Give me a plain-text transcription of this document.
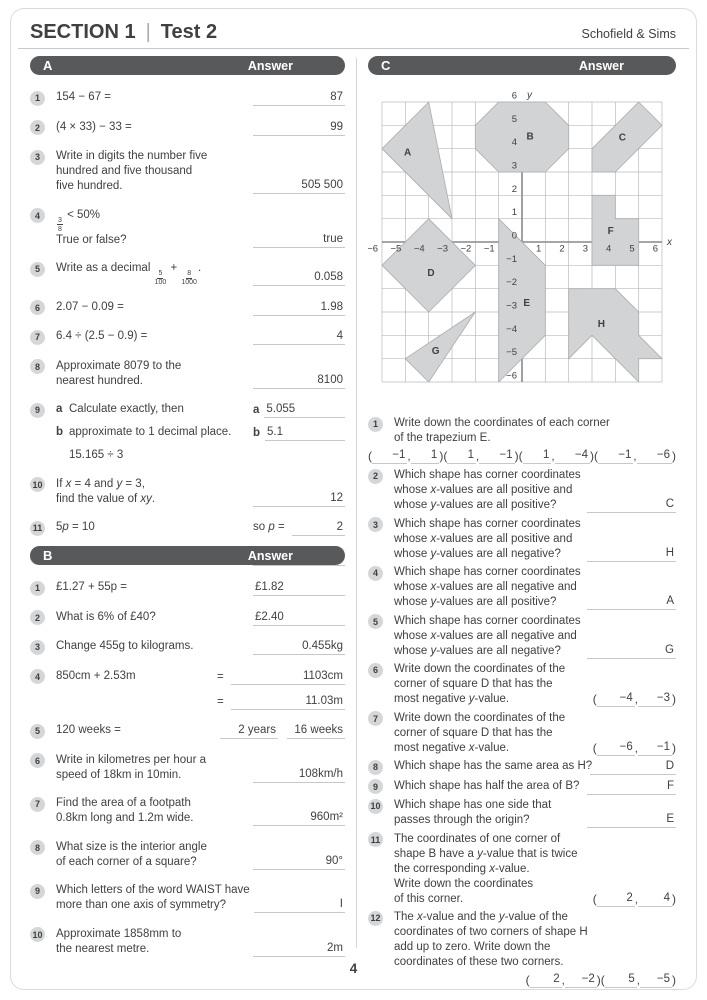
SECTION 1 | Test 2	Schofield & Sims
A	Answer
1	154 − 67 =	87
2	(4 × 33) − 33 =	99
3	Write in digits the number five
hundred and five thousand
five hundred.	505 500
4
$\frac{3}{8}$
< 50%
True or false?	true
5	Write as a decimal
$\frac{5}{100}$
+
$\frac{8}{1000}$
.
0.058
6	2.07 − 0.09 =	1.98
7	6.4 ÷ (2.5 − 0.9) =	4
8	Approximate 8079 to the
nearest hundred.	8100
9	a Calculate exactly, then	a 5.055
b approximate to 1 decimal place.	b 5.1
15.165 ÷ 3
10 If x = 4 and y = 3,
find the value of xy.	12
11 5p = 10	so p =	2
B	Answer
1	£1.27 + 55p =	£1.82
2	What is 6% of £40?	£2.40
3	Change 455g to kilograms.	0.455kg
4	850cm + 2.53m	=	1103cm
=	11.03m
5	120 weeks =	2 years 16 weeks
6	Write in kilometres per hour a
speed of 18km in 10min.	108km/h
7	Find the area of a footpath
0.8km long and 1.2m wide.	960m²
8	What size is the interior angle
of each corner of a square?	90°
9	Which letters of the word WAIST have
more than one axis of symmetry?	I
10 Approximate 1858mm to
the nearest metre.	2m
C	Answer
A
B	C
D
E
F
G
H
−6 −5 −4 −3 −2 −1	1 2 3 4 5 6
6
5
4
3
2
1
−1
−2
−3
−4
−5
−6
0
x
y
1	Write down the coordinates of each corner
of the trapezium E.
(	−1 ,	1 ) (	1 ,	−1 ) (	1 ,	−4 ) (	−1 ,	−6 )
2	Which shape has corner coordinates
whose x-values are all positive and
whose y-values are all positive?	C
3	Which shape has corner coordinates
whose x-values are all positive and
whose y-values are all negative?	H
4	Which shape has corner coordinates
whose x-values are all negative and
whose y-values are all positive?	A
5	Which shape has corner coordinates
whose x-values are all negative and
whose y-values are all negative?	G
6	Write down the coordinates of the
corner of square D that has the
most negative y-value.	(	−4 ,	−3 )
7	Write down the coordinates of the
corner of square D that has the
most negative x-value.	(	−6 ,	−1 )
8	Which shape has the same area as H?	D
9	Which shape has half the area of B?	F
10 Which shape has one side that
passes through the origin?	E
11 The coordinates of one corner of
shape B have a y-value that is twice
the corresponding x-value.
Write down the coordinates
of this corner.	(	2 ,	4 )
12 The x-value and the y-value of the
coordinates of two corners of shape H
add up to zero. Write down the
coordinates of these two corners.
(	2 ,	−2 ) (	5 ,	−5 )
4
